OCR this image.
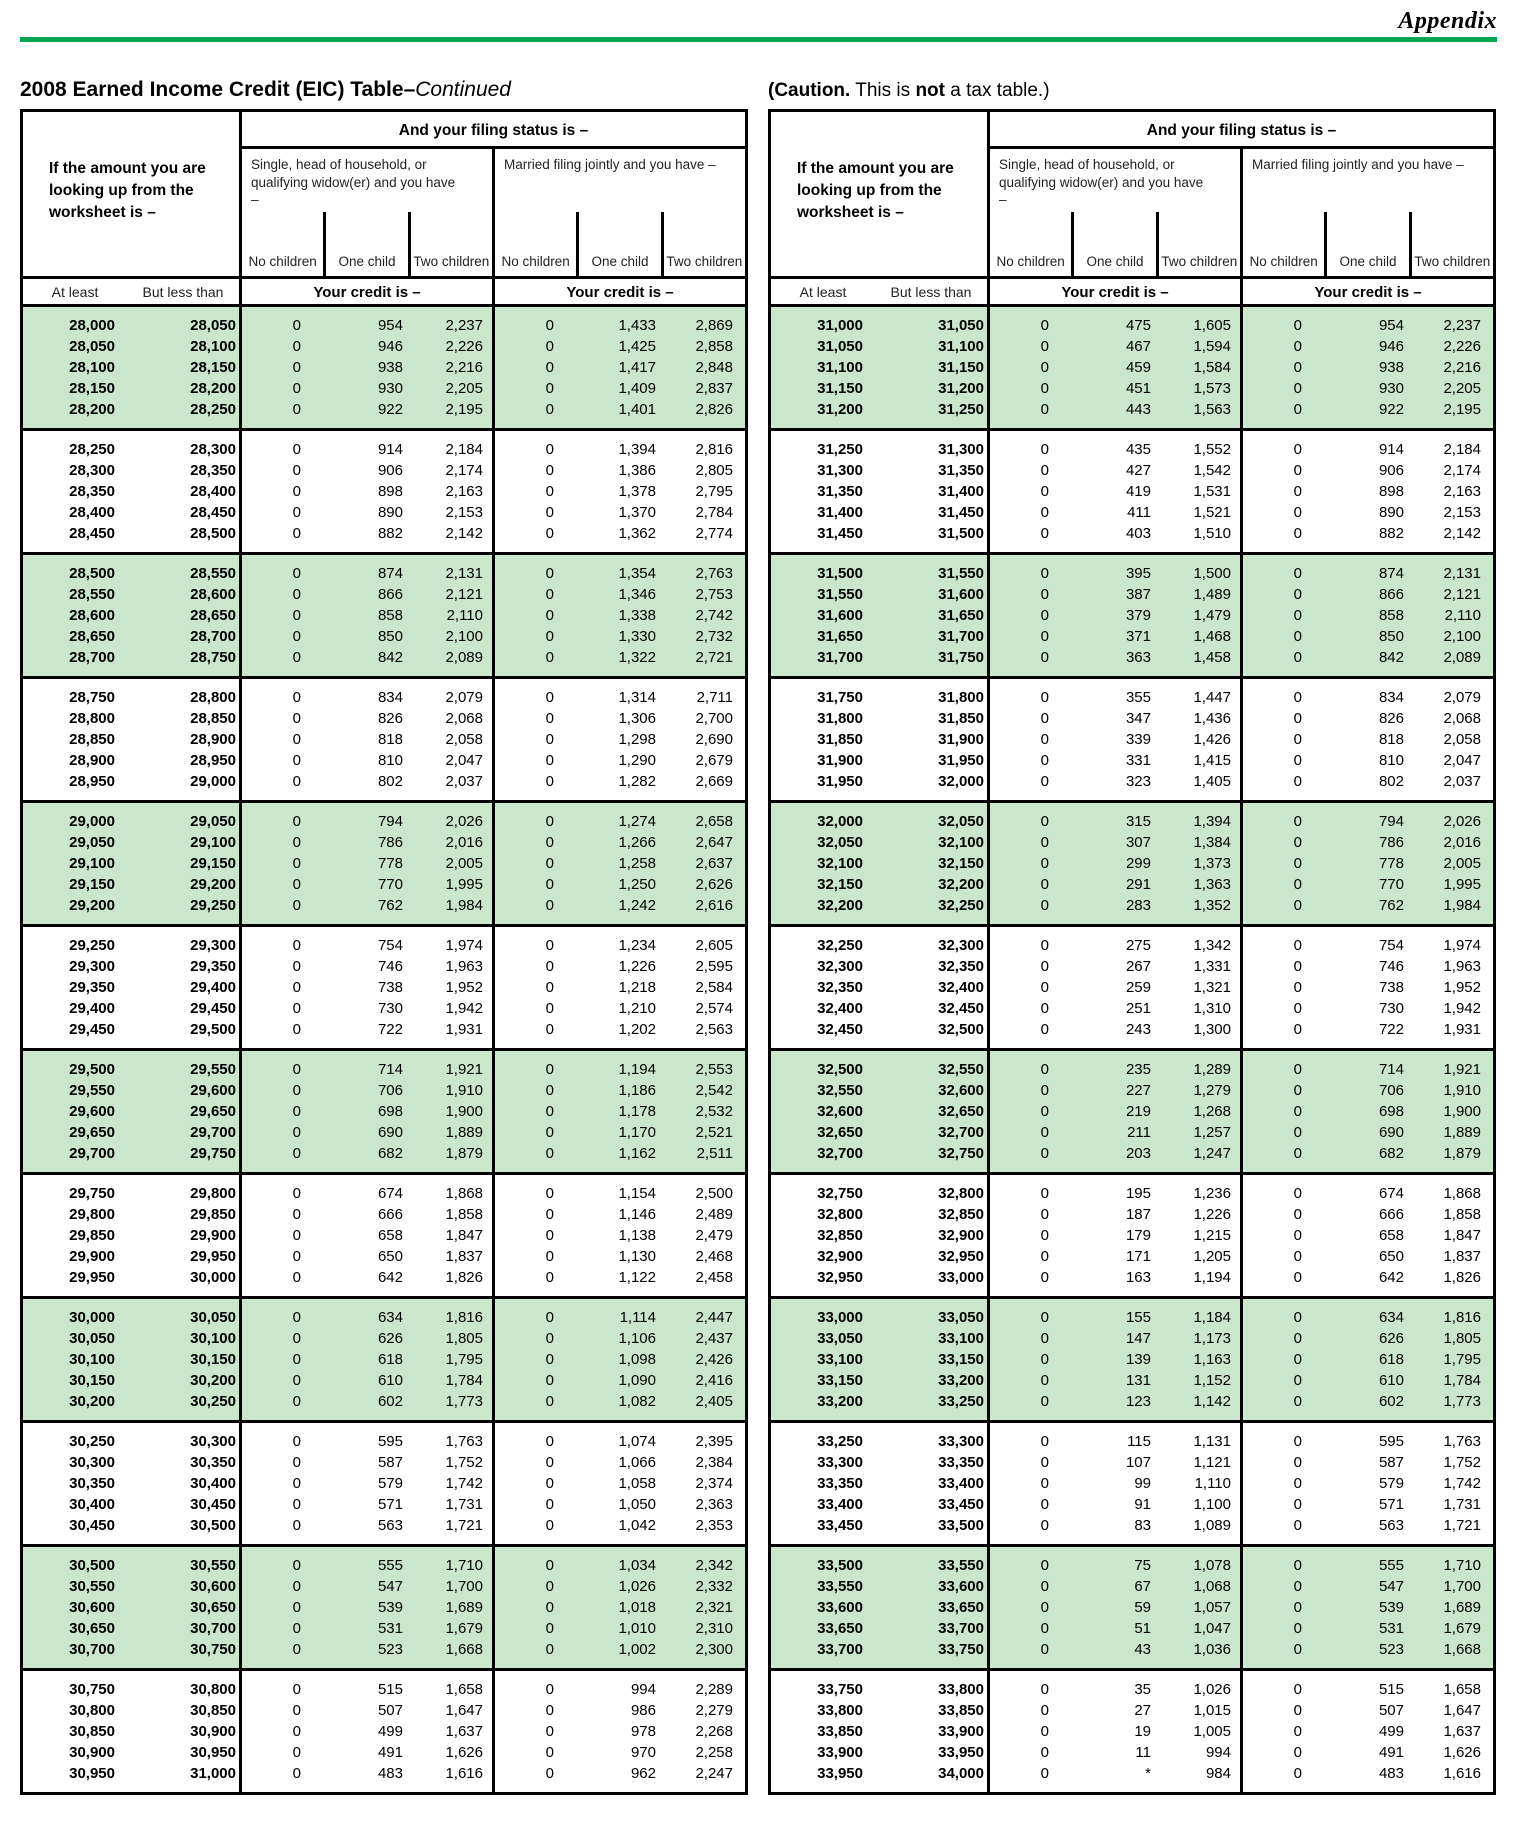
Appendix
2008 Earned Income Credit (EIC) Table–Continued	(Caution. This is not a tax table.)
If the amount you are looking up from the worksheet is –
And your filing status is –
Single, head of household, or qualifying widow(er) and you have –
No children	One child	Two children
Married filing jointly and you have –
No children	One child	Two children
At least	But less than	Your credit is –	Your credit is –
28,000	28,050	0	954	2,237	0	1,433	2,869
28,050	28,100	0	946	2,226	0	1,425	2,858
28,100	28,150	0	938	2,216	0	1,417	2,848
28,150	28,200	0	930	2,205	0	1,409	2,837
28,200	28,250	0	922	2,195	0	1,401	2,826
28,250	28,300	0	914	2,184	0	1,394	2,816
28,300	28,350	0	906	2,174	0	1,386	2,805
28,350	28,400	0	898	2,163	0	1,378	2,795
28,400	28,450	0	890	2,153	0	1,370	2,784
28,450	28,500	0	882	2,142	0	1,362	2,774
28,500	28,550	0	874	2,131	0	1,354	2,763
28,550	28,600	0	866	2,121	0	1,346	2,753
28,600	28,650	0	858	2,110	0	1,338	2,742
28,650	28,700	0	850	2,100	0	1,330	2,732
28,700	28,750	0	842	2,089	0	1,322	2,721
28,750	28,800	0	834	2,079	0	1,314	2,711
28,800	28,850	0	826	2,068	0	1,306	2,700
28,850	28,900	0	818	2,058	0	1,298	2,690
28,900	28,950	0	810	2,047	0	1,290	2,679
28,950	29,000	0	802	2,037	0	1,282	2,669
29,000	29,050	0	794	2,026	0	1,274	2,658
29,050	29,100	0	786	2,016	0	1,266	2,647
29,100	29,150	0	778	2,005	0	1,258	2,637
29,150	29,200	0	770	1,995	0	1,250	2,626
29,200	29,250	0	762	1,984	0	1,242	2,616
29,250	29,300	0	754	1,974	0	1,234	2,605
29,300	29,350	0	746	1,963	0	1,226	2,595
29,350	29,400	0	738	1,952	0	1,218	2,584
29,400	29,450	0	730	1,942	0	1,210	2,574
29,450	29,500	0	722	1,931	0	1,202	2,563
29,500	29,550	0	714	1,921	0	1,194	2,553
29,550	29,600	0	706	1,910	0	1,186	2,542
29,600	29,650	0	698	1,900	0	1,178	2,532
29,650	29,700	0	690	1,889	0	1,170	2,521
29,700	29,750	0	682	1,879	0	1,162	2,511
29,750	29,800	0	674	1,868	0	1,154	2,500
29,800	29,850	0	666	1,858	0	1,146	2,489
29,850	29,900	0	658	1,847	0	1,138	2,479
29,900	29,950	0	650	1,837	0	1,130	2,468
29,950	30,000	0	642	1,826	0	1,122	2,458
30,000	30,050	0	634	1,816	0	1,114	2,447
30,050	30,100	0	626	1,805	0	1,106	2,437
30,100	30,150	0	618	1,795	0	1,098	2,426
30,150	30,200	0	610	1,784	0	1,090	2,416
30,200	30,250	0	602	1,773	0	1,082	2,405
30,250	30,300	0	595	1,763	0	1,074	2,395
30,300	30,350	0	587	1,752	0	1,066	2,384
30,350	30,400	0	579	1,742	0	1,058	2,374
30,400	30,450	0	571	1,731	0	1,050	2,363
30,450	30,500	0	563	1,721	0	1,042	2,353
30,500	30,550	0	555	1,710	0	1,034	2,342
30,550	30,600	0	547	1,700	0	1,026	2,332
30,600	30,650	0	539	1,689	0	1,018	2,321
30,650	30,700	0	531	1,679	0	1,010	2,310
30,700	30,750	0	523	1,668	0	1,002	2,300
30,750	30,800	0	515	1,658	0	994	2,289
30,800	30,850	0	507	1,647	0	986	2,279
30,850	30,900	0	499	1,637	0	978	2,268
30,900	30,950	0	491	1,626	0	970	2,258
30,950	31,000	0	483	1,616	0	962	2,247
If the amount you are looking up from the worksheet is –
And your filing status is –
Single, head of household, or qualifying widow(er) and you have –
No children	One child	Two children
Married filing jointly and you have –
No children	One child	Two children
At least	But less than	Your credit is –	Your credit is –
31,000	31,050	0	475	1,605	0	954	2,237
31,050	31,100	0	467	1,594	0	946	2,226
31,100	31,150	0	459	1,584	0	938	2,216
31,150	31,200	0	451	1,573	0	930	2,205
31,200	31,250	0	443	1,563	0	922	2,195
31,250	31,300	0	435	1,552	0	914	2,184
31,300	31,350	0	427	1,542	0	906	2,174
31,350	31,400	0	419	1,531	0	898	2,163
31,400	31,450	0	411	1,521	0	890	2,153
31,450	31,500	0	403	1,510	0	882	2,142
31,500	31,550	0	395	1,500	0	874	2,131
31,550	31,600	0	387	1,489	0	866	2,121
31,600	31,650	0	379	1,479	0	858	2,110
31,650	31,700	0	371	1,468	0	850	2,100
31,700	31,750	0	363	1,458	0	842	2,089
31,750	31,800	0	355	1,447	0	834	2,079
31,800	31,850	0	347	1,436	0	826	2,068
31,850	31,900	0	339	1,426	0	818	2,058
31,900	31,950	0	331	1,415	0	810	2,047
31,950	32,000	0	323	1,405	0	802	2,037
32,000	32,050	0	315	1,394	0	794	2,026
32,050	32,100	0	307	1,384	0	786	2,016
32,100	32,150	0	299	1,373	0	778	2,005
32,150	32,200	0	291	1,363	0	770	1,995
32,200	32,250	0	283	1,352	0	762	1,984
32,250	32,300	0	275	1,342	0	754	1,974
32,300	32,350	0	267	1,331	0	746	1,963
32,350	32,400	0	259	1,321	0	738	1,952
32,400	32,450	0	251	1,310	0	730	1,942
32,450	32,500	0	243	1,300	0	722	1,931
32,500	32,550	0	235	1,289	0	714	1,921
32,550	32,600	0	227	1,279	0	706	1,910
32,600	32,650	0	219	1,268	0	698	1,900
32,650	32,700	0	211	1,257	0	690	1,889
32,700	32,750	0	203	1,247	0	682	1,879
32,750	32,800	0	195	1,236	0	674	1,868
32,800	32,850	0	187	1,226	0	666	1,858
32,850	32,900	0	179	1,215	0	658	1,847
32,900	32,950	0	171	1,205	0	650	1,837
32,950	33,000	0	163	1,194	0	642	1,826
33,000	33,050	0	155	1,184	0	634	1,816
33,050	33,100	0	147	1,173	0	626	1,805
33,100	33,150	0	139	1,163	0	618	1,795
33,150	33,200	0	131	1,152	0	610	1,784
33,200	33,250	0	123	1,142	0	602	1,773
33,250	33,300	0	115	1,131	0	595	1,763
33,300	33,350	0	107	1,121	0	587	1,752
33,350	33,400	0	99	1,110	0	579	1,742
33,400	33,450	0	91	1,100	0	571	1,731
33,450	33,500	0	83	1,089	0	563	1,721
33,500	33,550	0	75	1,078	0	555	1,710
33,550	33,600	0	67	1,068	0	547	1,700
33,600	33,650	0	59	1,057	0	539	1,689
33,650	33,700	0	51	1,047	0	531	1,679
33,700	33,750	0	43	1,036	0	523	1,668
33,750	33,800	0	35	1,026	0	515	1,658
33,800	33,850	0	27	1,015	0	507	1,647
33,850	33,900	0	19	1,005	0	499	1,637
33,900	33,950	0	11	994	0	491	1,626
33,950	34,000	0	*	984	0	483	1,616
